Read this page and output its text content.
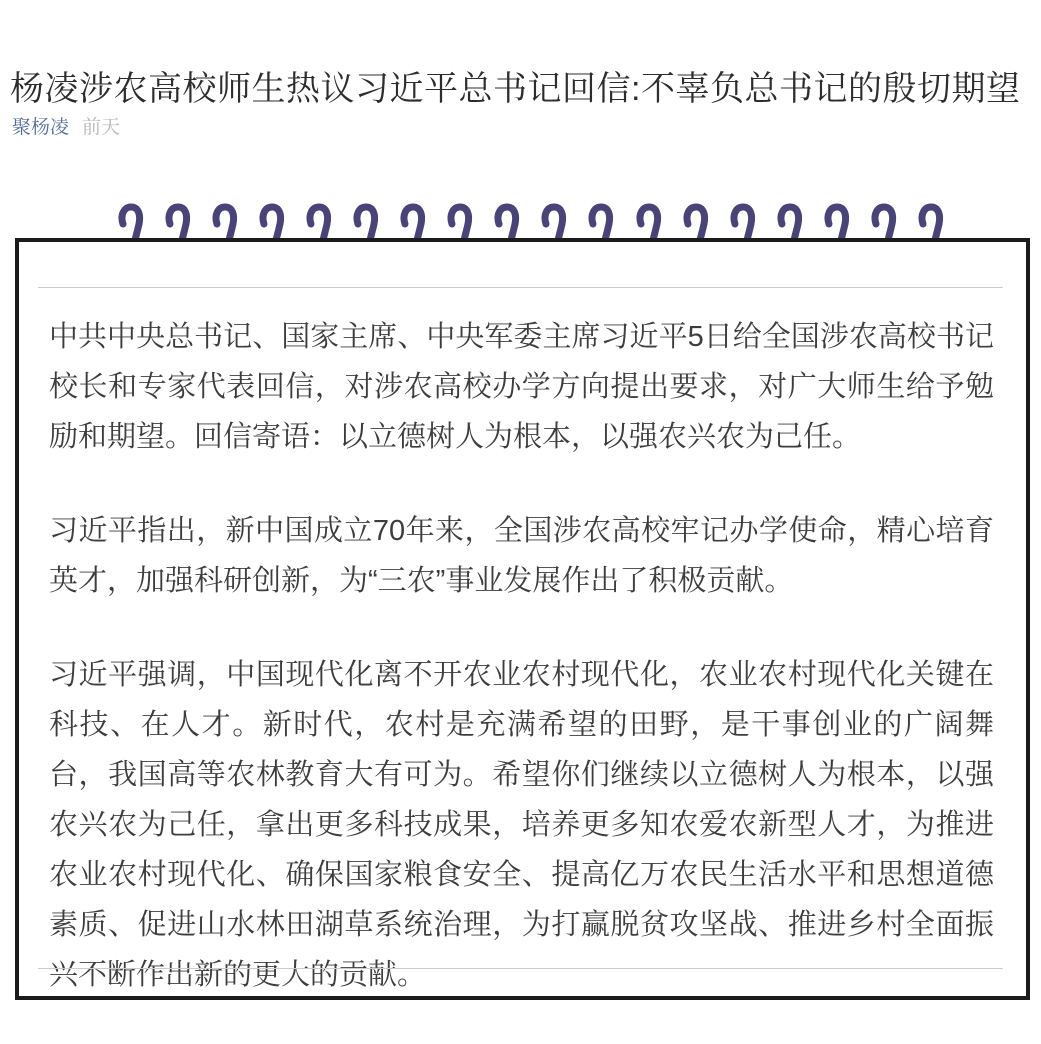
杨凌涉农高校师生热议习近平总书记回信:不辜负总书记的殷切期望
聚杨凌 前天

中共中央总书记、国家主席、中央军委主席习近平5日给全国涉农高校书记校长和专家代表回信，对涉农高校办学方向提出要求，对广大师生给予勉励和期望。回信寄语：以立德树人为根本，以强农兴农为己任。

习近平指出，新中国成立70年来，全国涉农高校牢记办学使命，精心培育英才，加强科研创新，为“三农”事业发展作出了积极贡献。

习近平强调，中国现代化离不开农业农村现代化，农业农村现代化关键在科技、在人才。新时代，农村是充满希望的田野，是干事创业的广阔舞台，我国高等农林教育大有可为。希望你们继续以立德树人为根本，以强农兴农为己任，拿出更多科技成果，培养更多知农爱农新型人才，为推进农业农村现代化、确保国家粮食安全、提高亿万农民生活水平和思想道德素质、促进山水林田湖草系统治理，为打赢脱贫攻坚战、推进乡村全面振兴不断作出新的更大的贡献。
